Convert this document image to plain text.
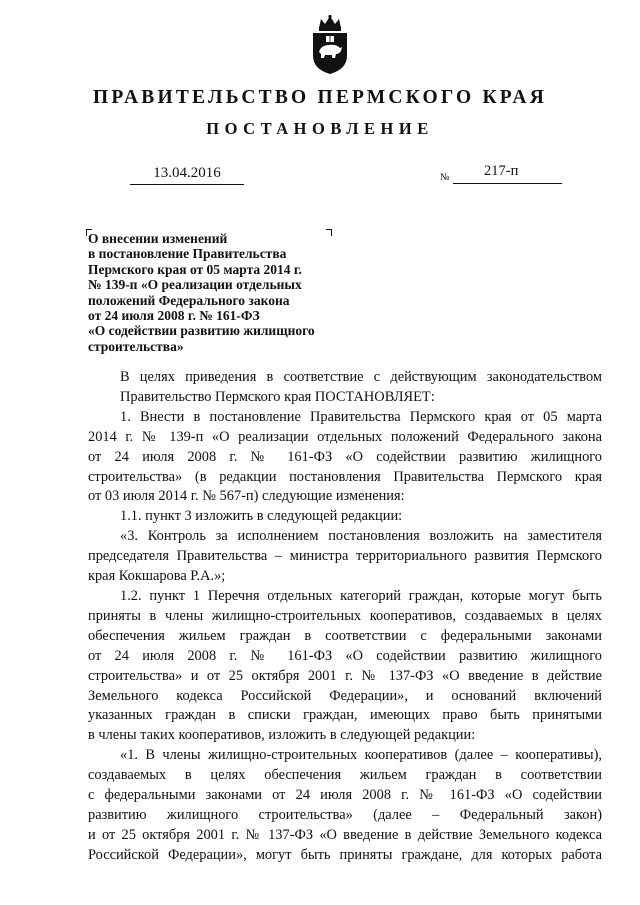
ПРАВИТЕЛЬСТВО ПЕРМСКОГО КРАЯ
ПОСТАНОВЛЕНИЕ
13.04.2016	№ 217-п
О внесении изменений
в постановление Правительства
Пермского края от 05 марта 2014 г.
№ 139-п «О реализации отдельных
положений Федерального закона
от 24 июля 2008 г. № 161-ФЗ
«О содействии развитию жилищного
строительства»
В целях приведения в соответствие с действующим законодательством
Правительство Пермского края ПОСТАНОВЛЯЕТ:
1. Внести в постановление Правительства Пермского края от 05 марта
2014 г. № 139-п «О реализации отдельных положений Федерального закона
от 24 июля 2008 г. № 161-ФЗ «О содействии развитию жилищного
строительства» (в редакции постановления Правительства Пермского края
от 03 июля 2014 г. № 567-п) следующие изменения:
1.1. пункт 3 изложить в следующей редакции:
«3. Контроль за исполнением постановления возложить на заместителя
председателя Правительства – министра территориального развития Пермского
края Кокшарова Р.А.»;
1.2. пункт 1 Перечня отдельных категорий граждан, которые могут быть
приняты в члены жилищно-строительных кооперативов, создаваемых в целях
обеспечения жильем граждан в соответствии с федеральными законами
от 24 июля 2008 г. № 161-ФЗ «О содействии развитию жилищного
строительства» и от 25 октября 2001 г. № 137-ФЗ «О введение в действие
Земельного кодекса Российской Федерации», и оснований включений
указанных граждан в списки граждан, имеющих право быть принятыми
в члены таких кооперативов, изложить в следующей редакции:
«1. В члены жилищно-строительных кооперативов (далее – кооперативы),
создаваемых в целях обеспечения жильем граждан в соответствии
с федеральными законами от 24 июля 2008 г. № 161-ФЗ «О содействии
развитию жилищного строительства» (далее – Федеральный закон)
и от 25 октября 2001 г. № 137-ФЗ «О введение в действие Земельного кодекса
Российской Федерации», могут быть приняты граждане, для которых работа
